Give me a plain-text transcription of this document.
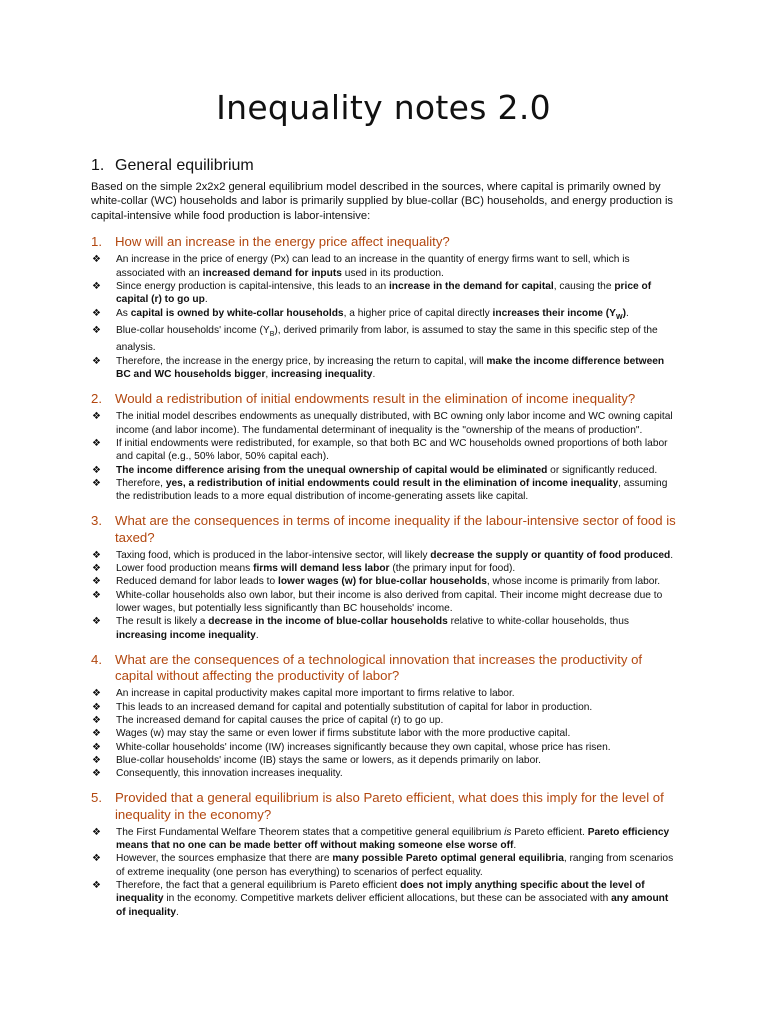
Inequality notes 2.0
1. General equilibrium
Based on the simple 2x2x2 general equilibrium model described in the sources, where capital is primarily owned by white-collar (WC) households and labor is primarily supplied by blue-collar (BC) households, and energy production is capital-intensive while food production is labor-intensive:
1. How will an increase in the energy price affect inequality?
❖	An increase in the price of energy (Px) can lead to an increase in the quantity of energy firms want to sell, which is associated with an increased demand for inputs used in its production.
❖	Since energy production is capital-intensive, this leads to an increase in the demand for capital, causing the price of capital (r) to go up.
❖	As capital is owned by white-collar households, a higher price of capital directly increases their income $(Y_W)$.
❖	Blue-collar households' income $(Y_B)$, derived primarily from labor, is assumed to stay the same in this specific step of the analysis.
❖	Therefore, the increase in the energy price, by increasing the return to capital, will make the income difference between BC and WC households bigger, increasing inequality.
2. Would a redistribution of initial endowments result in the elimination of income inequality?
❖	The initial model describes endowments as unequally distributed, with BC owning only labor income and WC owning capital income (and labor income). The fundamental determinant of inequality is the "ownership of the means of production".
❖	If initial endowments were redistributed, for example, so that both BC and WC households owned proportions of both labor and capital (e.g., 50% labor, 50% capital each).
❖	The income difference arising from the unequal ownership of capital would be eliminated or significantly reduced.
❖	Therefore, yes, a redistribution of initial endowments could result in the elimination of income inequality, assuming the redistribution leads to a more equal distribution of income-generating assets like capital.
3. What are the consequences in terms of income inequality if the labour-intensive sector of food is taxed?
❖	Taxing food, which is produced in the labor-intensive sector, will likely decrease the supply or quantity of food produced.
❖	Lower food production means firms will demand less labor (the primary input for food).
❖	Reduced demand for labor leads to lower wages (w) for blue-collar households, whose income is primarily from labor.
❖	White-collar households also own labor, but their income is also derived from capital. Their income might decrease due to lower wages, but potentially less significantly than BC households' income.
❖	The result is likely a decrease in the income of blue-collar households relative to white-collar households, thus increasing income inequality.
4. What are the consequences of a technological innovation that increases the productivity of capital without affecting the productivity of labor?
❖	An increase in capital productivity makes capital more important to firms relative to labor.
❖	This leads to an increased demand for capital and potentially substitution of capital for labor in production.
❖	The increased demand for capital causes the price of capital (r) to go up.
❖	Wages (w) may stay the same or even lower if firms substitute labor with the more productive capital.
❖	White-collar households' income (IW) increases significantly because they own capital, whose price has risen.
❖	Blue-collar households' income (IB) stays the same or lowers, as it depends primarily on labor.
❖	Consequently, this innovation increases inequality.
5. Provided that a general equilibrium is also Pareto efficient, what does this imply for the level of inequality in the economy?
❖	The First Fundamental Welfare Theorem states that a competitive general equilibrium is Pareto efficient. Pareto efficiency means that no one can be made better off without making someone else worse off.
❖	However, the sources emphasize that there are many possible Pareto optimal general equilibria, ranging from scenarios of extreme inequality (one person has everything) to scenarios of perfect equality.
❖	Therefore, the fact that a general equilibrium is Pareto efficient does not imply anything specific about the level of inequality in the economy. Competitive markets deliver efficient allocations, but these can be associated with any amount of inequality.
